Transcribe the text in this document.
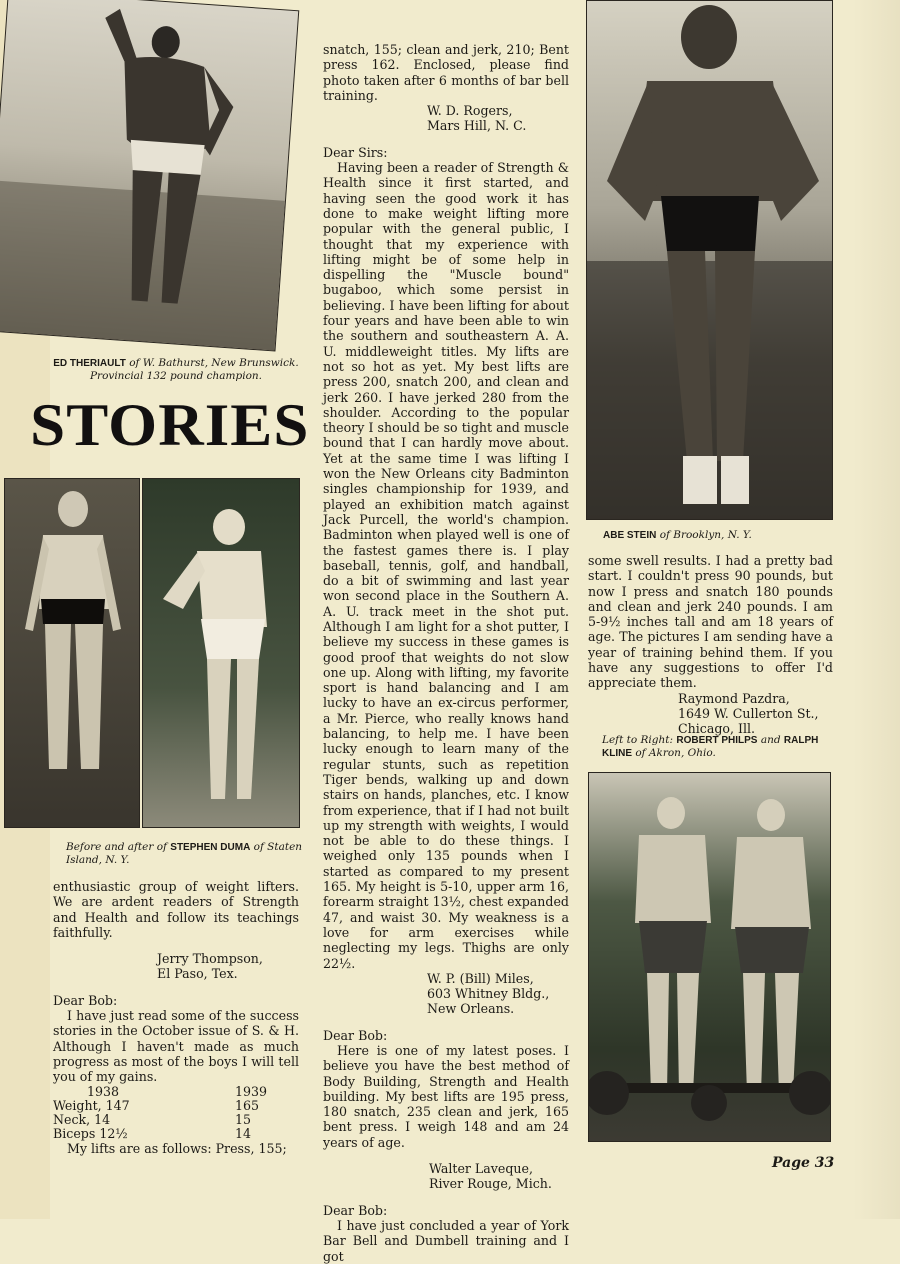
ED THERIAULT of W. Bathurst, New Brunswick. Provincial 132 pound champion.
STORIES
Before and after of STEPHEN DUMA of Staten Island, N. Y.

enthusiastic group of weight lifters. We are ardent readers of Strength and Health and follow its teachings faithfully.

Jerry Thompson,

El Paso, Tex.

Dear Bob:

I have just read some of the success stories in the October issue of S. & H. Although I haven't made as much progress as most of the boys I will tell you of my gains.

1938	1939
Weight, 147	165
Neck, 14	15
Biceps 12½	14

My lifts are as follows: Press, 155;

snatch, 155; clean and jerk, 210; Bent press 162. Enclosed, please find photo taken after 6 months of bar bell training.

W. D. Rogers,

Mars Hill, N. C.

Dear Sirs:

Having been a reader of Strength & Health since it first started, and having seen the good work it has done to make weight lifting more popular with the general public, I thought that my experience with lifting might be of some help in dispelling the "Muscle bound" bugaboo, which some persist in believing. I have been lifting for about four years and have been able to win the southern and southeastern A. A. U. middleweight titles. My lifts are not so hot as yet. My best lifts are press 200, snatch 200, and clean and jerk 260. I have jerked 280 from the shoulder. According to the popular theory I should be so tight and muscle bound that I can hardly move about. Yet at the same time I was lifting I won the New Orleans city Badminton singles championship for 1939, and played an exhibition match against Jack Purcell, the world's champion. Badminton when played well is one of the fastest games there is. I play baseball, tennis, golf, and handball, do a bit of swimming and last year won second place in the Southern A. A. U. track meet in the shot put. Although I am light for a shot putter, I believe my success in these games is good proof that weights do not slow one up. Along with lifting, my favorite sport is hand balancing and I am lucky to have an ex-circus performer, a Mr. Pierce, who really knows hand balancing, to help me. I have been lucky enough to learn many of the regular stunts, such as repetition Tiger bends, walking up and down stairs on hands, planches, etc. I know from experience, that if I had not built up my strength with weights, I would not be able to do these things. I weighed only 135 pounds when I started as compared to my present 165. My height is 5-10, upper arm 16, forearm straight 13½, chest expanded 47, and waist 30. My weakness is a love for arm exercises while neglecting my legs. Thighs are only 22½.

W. P. (Bill) Miles,

603 Whitney Bldg.,

New Orleans.

Dear Bob:

Here is one of my latest poses. I believe you have the best method of Body Building, Strength and Health building. My best lifts are 195 press, 180 snatch, 235 clean and jerk, 165 bent press. I weigh 148 and am 24 years of age.

Walter Laveque,

River Rouge, Mich.

Dear Bob:

I have just concluded a year of York Bar Bell and Dumbell training and I got

ABE STEIN of Brooklyn, N. Y.

some swell results. I had a pretty bad start. I couldn't press 90 pounds, but now I press and snatch 180 pounds and clean and jerk 240 pounds. I am 5-9½ inches tall and am 18 years of age. The pictures I am sending have a year of training behind them. If you have any suggestions to offer I'd appreciate them.

Raymond Pazdra,

1649 W. Cullerton St.,

Chicago, Ill.

Left to Right: ROBERT PHILPS and RALPH KLINE of Akron, Ohio.
Page 33
